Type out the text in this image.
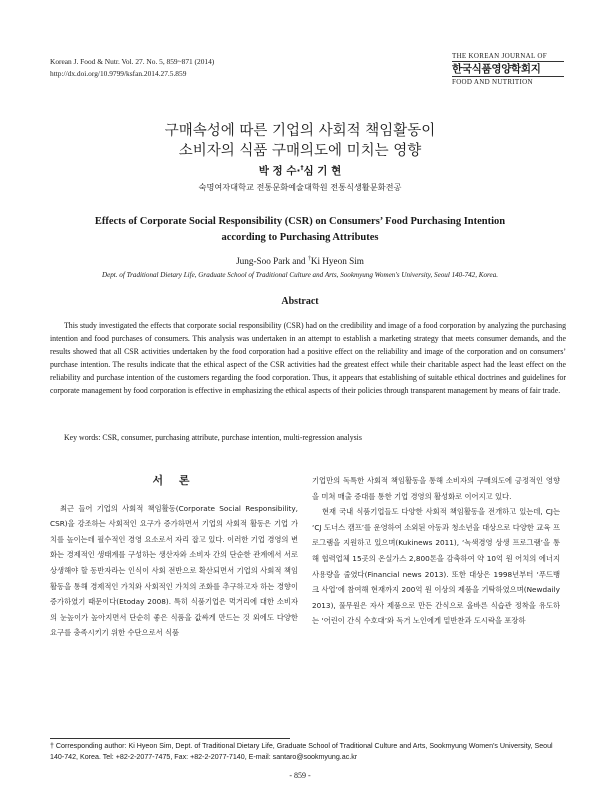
Korean J. Food & Nutr. Vol. 27. No. 5, 859~871 (2014)
http://dx.doi.org/10.9799/ksfan.2014.27.5.859
THE KOREAN JOURNAL OF
한국식품영양학회지
FOOD AND NUTRITION
구매속성에 따른 기업의 사회적 책임활동이
소비자의 식품 구매의도에 미치는 영향
박 정 수·†심 기 현
숙명여자대학교 전통문화예술대학원 전통식생활문화전공
Effects of Corporate Social Responsibility (CSR) on Consumers’ Food Purchasing Intention
according to Purchasing Attributes
Jung-Soo Park and †Ki Hyeon Sim
Dept. of Traditional Dietary Life, Graduate School of Traditional Culture and Arts, Sookmyung Women's University, Seoul 140-742, Korea.
Abstract
This study investigated the effects that corporate social responsibility (CSR) had on the credibility and image of a food corporation by analyzing the purchasing intention and food purchases of consumers. This analysis was undertaken in an attempt to establish a marketing strategy that meets consumer demands, and the results showed that all CSR activities undertaken by the food corporation had a positive effect on the reliability and image of the corporation and on consumers’ purchase intention. The results indicate that the ethical aspect of the CSR activities had the greatest effect while their charitable aspect had the least effect on the reliability and purchase intention of the customers regarding the food corporation. Thus, it appears that establishing of suitable ethical doctrines and guidelines for corporate management by food corporation is effective in emphasizing the ethical aspects of their policies through transparent management by means of fair trade.
Key words: CSR, consumer, purchasing attribute, purchase intention, multi-regression analysis
서 론

최근 들어 기업의 사회적 책임활동(Corporate Social Responsibility, CSR)을 강조하는 사회적인 요구가 증가하면서 기업의 사회적 활동은 기업 가치를 높이는데 필수적인 경영 요소로서 자리 잡고 있다. 이러한 기업 경영의 변화는 경제적인 생태계를 구성하는 생산자와 소비자 간의 단순한 관계에서 서로 상생해야 할 동반자라는 인식이 사회 전반으로 확산되면서 기업의 사회적 책임활동을 통해 경제적인 가치와 사회적인 가치의 조화를 추구하고자 하는 경향이 증가하였기 때문이다(Etoday 2008). 특히 식품기업은 먹거리에 대한 소비자의 눈높이가 높아지면서 단순히 좋은 식품을 값싸게 만드는 것 외에도 다양한 요구를 충족시키기 위한 수단으로서 식품

기업만의 독특한 사회적 책임활동을 통해 소비자의 구매의도에 긍정적인 영향을 미쳐 매출 증대를 통한 기업 경영의 활성화로 이어지고 있다.

현재 국내 식품기업들도 다양한 사회적 책임활동을 전개하고 있는데, CJ는 ‘CJ 도너스 캠프’를 운영하여 소외된 아동과 청소년을 대상으로 다양한 교육 프로그램을 지원하고 있으며(Kukinews 2011), ‘녹색경영 상생 프로그램’을 통해 협력업체 15곳의 온실가스 2,800톤을 감축하여 약 10억 원 어치의 에너지 사용량을 줄였다(Financial news 2013). 또한 대상은 1998년부터 ‘푸드뱅크 사업’에 참여해 현재까지 200억 원 이상의 제품을 기탁하였으며(Newdaily 2013), 풀무원은 자사 제품으로 만든 간식으로 올바른 식습관 정착을 유도하는 ‘어린이 간식 수호대’와 독거 노인에게 밑반찬과 도시락을 포장하

† Corresponding author: Ki Hyeon Sim, Dept. of Traditional Dietary Life, Graduate School of Traditional Culture and Arts, Sookmyung Women's University, Seoul 140-742, Korea. Tel: +82-2-2077-7475, Fax: +82-2-2077-7140, E-mail: santaro@sookmyung.ac.kr
- 859 -
